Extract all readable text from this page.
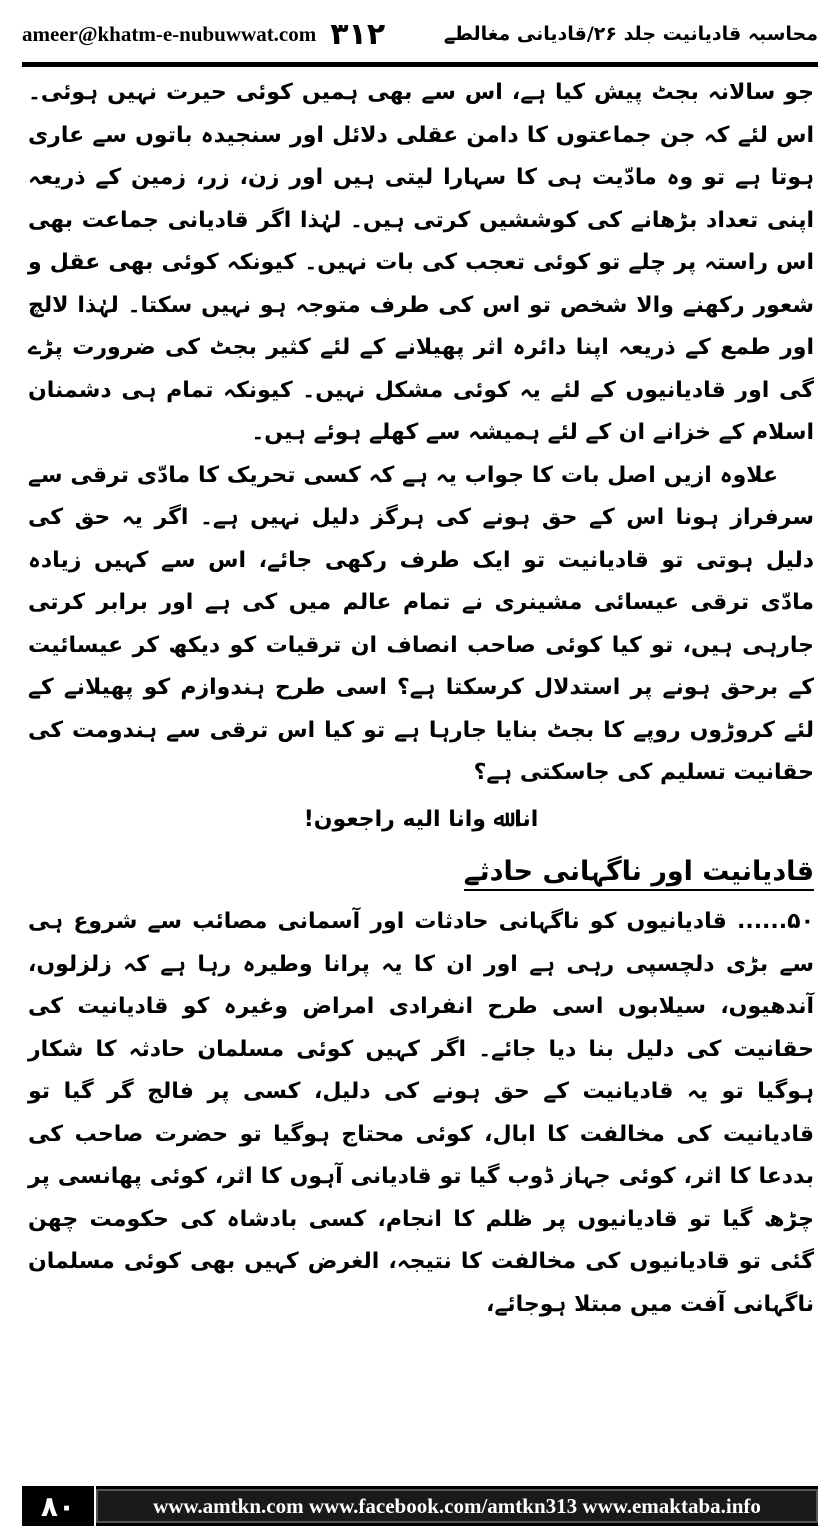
ameer@khatm-e-nubuwwat.com ۳۱۲	محاسبہ قادیانیت جلد ۲۶/قادیانی مغالطے

جو سالانہ بجٹ پیش کیا ہے، اس سے بھی ہمیں کوئی حیرت نہیں ہوئی۔ اس لئے کہ جن جماعتوں کا دامن عقلی دلائل اور سنجیدہ باتوں سے عاری ہوتا ہے تو وہ مادّیت ہی کا سہارا لیتی ہیں اور زن، زر، زمین کے ذریعہ اپنی تعداد بڑھانے کی کوششیں کرتی ہیں۔ لہٰذا اگر قادیانی جماعت بھی اس راستہ پر چلے تو کوئی تعجب کی بات نہیں۔ کیونکہ کوئی بھی عقل و شعور رکھنے والا شخص تو اس کی طرف متوجہ ہو نہیں سکتا۔ لہٰذا لالچ اور طمع کے ذریعہ اپنا دائرہ اثر پھیلانے کے لئے کثیر بجٹ کی ضرورت پڑے گی اور قادیانیوں کے لئے یہ کوئی مشکل نہیں۔ کیونکہ تمام ہی دشمنان اسلام کے خزانے ان کے لئے ہمیشہ سے کھلے ہوئے ہیں۔

علاوہ ازیں اصل بات کا جواب یہ ہے کہ کسی تحریک کا مادّی ترقی سے سرفراز ہونا اس کے حق ہونے کی ہرگز دلیل نہیں ہے۔ اگر یہ حق کی دلیل ہوتی تو قادیانیت تو ایک طرف رکھی جائے، اس سے کہیں زیادہ مادّی ترقی عیسائی مشینری نے تمام عالم میں کی ہے اور برابر کرتی جارہی ہیں، تو کیا کوئی صاحب انصاف ان ترقیات کو دیکھ کر عیسائیت کے برحق ہونے پر استدلال کرسکتا ہے؟ اسی طرح ہندوازم کو پھیلانے کے لئے کروڑوں روپے کا بجٹ بنایا جارہا ہے تو کیا اس ترقی سے ہندومت کی حقانیت تسلیم کی جاسکتی ہے؟

انا ﷲ وانا الیه راجعون!

قادیانیت اور ناگہانی حادثے

۵۰...... قادیانیوں کو ناگہانی حادثات اور آسمانی مصائب سے شروع ہی سے بڑی دلچسپی رہی ہے اور ان کا یہ پرانا وطیرہ رہا ہے کہ زلزلوں، آندھیوں، سیلابوں اسی طرح انفرادی امراض وغیرہ کو قادیانیت کی حقانیت کی دلیل بنا دیا جائے۔ اگر کہیں کوئی مسلمان حادثہ کا شکار ہوگیا تو یہ قادیانیت کے حق ہونے کی دلیل، کسی پر فالج گر گیا تو قادیانیت کی مخالفت کا ابال، کوئی محتاج ہوگیا تو حضرت صاحب کی بددعا کا اثر، کوئی جہاز ڈوب گیا تو قادیانی آہوں کا اثر، کوئی پھانسی پر چڑھ گیا تو قادیانیوں پر ظلم کا انجام، کسی بادشاہ کی حکومت چھن گئی تو قادیانیوں کی مخالفت کا نتیجہ، الغرض کہیں بھی کوئی مسلمان ناگہانی آفت میں مبتلا ہوجائے،

۸۰	www.amtkn.com www.facebook.com/amtkn313 www.emaktaba.info
